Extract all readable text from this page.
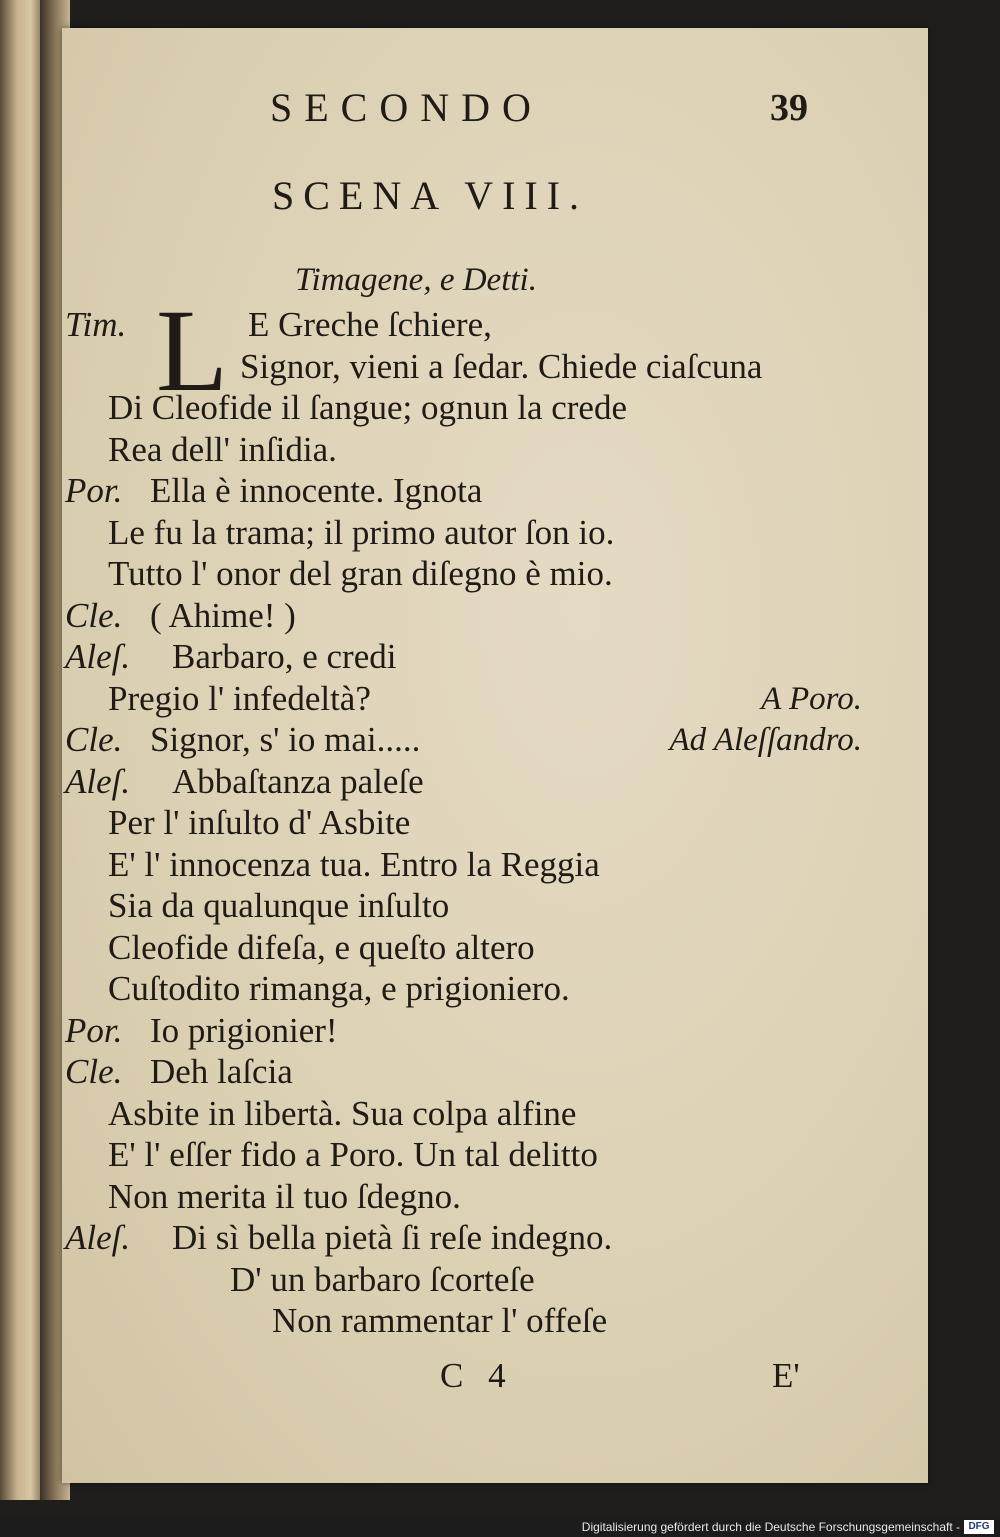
SECONDO	39
SCENA VIII.
Timagene, e Detti.
L
Tim.	E Greche ſchiere,
Signor, vieni a ſedar. Chiede ciaſcuna
Di Cleofide il ſangue; ognun la crede
Rea dell' inſidia.
Por. Ella è innocente. Ignota
Le fu la trama; il primo autor ſon io.
Tutto l' onor del gran diſegno è mio.
Cle. ( Ahime! )
Aleſ. Barbaro, e credi
Pregio l' infedeltà?	A Poro.
Cle. Signor, s' io mai.....	Ad Aleſſandro.
Aleſ. Abbaſtanza paleſe
Per l' inſulto d' Asbite
E' l' innocenza tua. Entro la Reggia
Sia da qualunque inſulto
Cleofide difeſa, e queſto altero
Cuſtodito rimanga, e prigioniero.
Por. Io prigionier!
Cle. Deh laſcia
Asbite in libertà. Sua colpa alfine
E' l' eſſer fido a Poro. Un tal delitto
Non merita il tuo ſdegno.
Aleſ. Di sì bella pietà ſi reſe indegno.
D' un barbaro ſcorteſe
Non rammentar l' offeſe
C 4	E'
Digitalisierung gefördert durch die Deutsche Forschungsgemeinschaft - DFG
